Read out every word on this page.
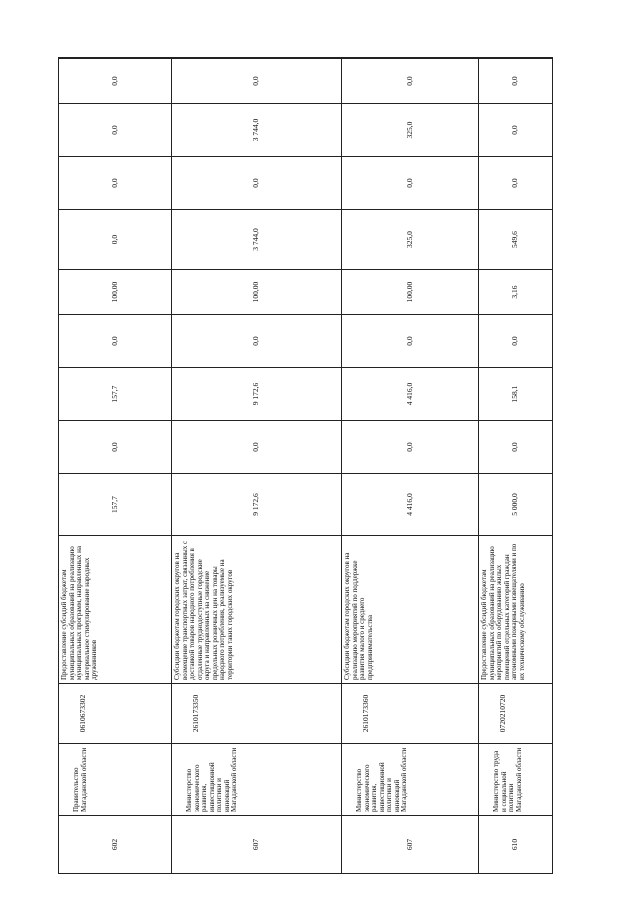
602	Правительство Магаданской области	0610673302	Предоставление субсидий бюджетам муниципальных образований на реализацию муниципальных программ, направленных на материальное стимулирование народных дружинников	157,7	0,0	157,7	0,0	100,00	0,0	0,0	0,0	0,0	
607	Министерство экономического развития, инвестиционной политики и инноваций Магаданской области	2610173350	Субсидии бюджетам городских округов на возмещение транспортных затрат, связанных с доставкой товаров народного потребления в отдаленные труднодоступные городские округа и направленных на снижение предельных розничных цен на товары народного потребления, реализуемые на территории таких городских округов	9 172,6	0,0	9 172,6	0,0	100,00	3 744,0	0,0	3 744,0	0,0	
607	Министерство экономического развития, инвестиционной политики и инноваций Магаданской области	2610173360	Субсидии бюджетам городских округов на реализацию мероприятий по поддержке развития малого и среднего предпринимательства	4 416,0	0,0	4 416,0	0,0	100,00	325,0	0,0	325,0	0,0	
610	Министерство труда и социальной политики Магаданской области	0720210720	Предоставление субсидий бюджетам муниципальных образований на реализацию мероприятий по оборудованию жилых помещений отдельных категорий граждан автономными пожарными извещателями и по их техническому обслуживанию	5 000,0	0,0	158,1	0,0	3,16	549,6	0,0	0,0	0,0	
